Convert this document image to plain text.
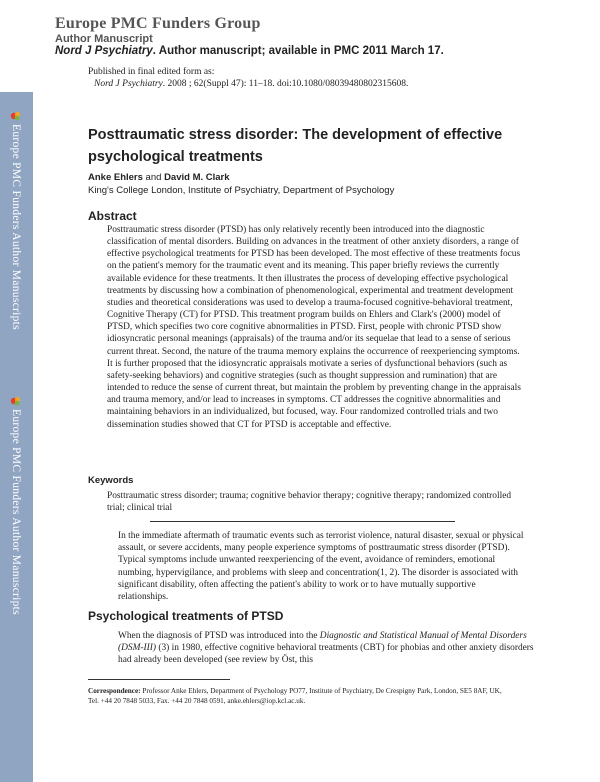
Europe PMC Funders Group
Author Manuscript
Nord J Psychiatry. Author manuscript; available in PMC 2011 March 17.
Published in final edited form as:
Nord J Psychiatry. 2008 ; 62(Suppl 47): 11–18. doi:10.1080/08039480802315608.
Europe PMC Funders Author Manuscripts
Europe PMC Funders Author Manuscripts
Posttraumatic stress disorder: The development of effective psychological treatments
Anke Ehlers and David M. Clark
King's College London, Institute of Psychiatry, Department of Psychology
Abstract
Posttraumatic stress disorder (PTSD) has only relatively recently been introduced into the diagnostic classification of mental disorders. Building on advances in the treatment of other anxiety disorders, a range of effective psychological treatments for PTSD has been developed. The most effective of these treatments focus on the patient's memory for the traumatic event and its meaning. This paper briefly reviews the currently available evidence for these treatments. It then illustrates the process of developing effective psychological treatments by discussing how a combination of phenomenological, experimental and treatment development studies and theoretical considerations was used to develop a trauma-focused cognitive-behavioral treatment, Cognitive Therapy (CT) for PTSD. This treatment program builds on Ehlers and Clark's (2000) model of PTSD, which specifies two core cognitive abnormalities in PTSD. First, people with chronic PTSD show idiosyncratic personal meanings (appraisals) of the trauma and/or its sequelae that lead to a sense of serious current threat. Second, the nature of the trauma memory explains the occurrence of reexperiencing symptoms. It is further proposed that the idiosyncratic appraisals motivate a series of dysfunctional behaviors (such as safety-seeking behaviors) and cognitive strategies (such as thought suppression and rumination) that are intended to reduce the sense of current threat, but maintain the problem by preventing change in the appraisals and trauma memory, and/or lead to increases in symptoms. CT addresses the cognitive abnormalities and maintaining behaviors in an individualized, but focused, way. Four randomized controlled trials and two dissemination studies showed that CT for PTSD is acceptable and effective.
Keywords
Posttraumatic stress disorder; trauma; cognitive behavior therapy; cognitive therapy; randomized controlled trial; clinical trial
In the immediate aftermath of traumatic events such as terrorist violence, natural disaster, sexual or physical assault, or severe accidents, many people experience symptoms of posttraumatic stress disorder (PTSD). Typical symptoms include unwanted reexperiencing of the event, avoidance of reminders, emotional numbing, hypervigilance, and problems with sleep and concentration(1, 2). The disorder is associated with significant disability, often affecting the patient's ability to work or to have mutually supportive relationships.
Psychological treatments of PTSD
When the diagnosis of PTSD was introduced into the Diagnostic and Statistical Manual of Mental Disorders (DSM-III) (3) in 1980, effective cognitive behavioral treatments (CBT) for phobias and other anxiety disorders had already been developed (see review by Öst, this
Correspondence: Professor Anke Ehlers, Department of Psychology PO77, Institute of Psychiatry, De Crespigny Park, London, SE5 8AF, UK, Tel. +44 20 7848 5033, Fax. +44 20 7848 0591, anke.ehlers@iop.kcl.ac.uk.
